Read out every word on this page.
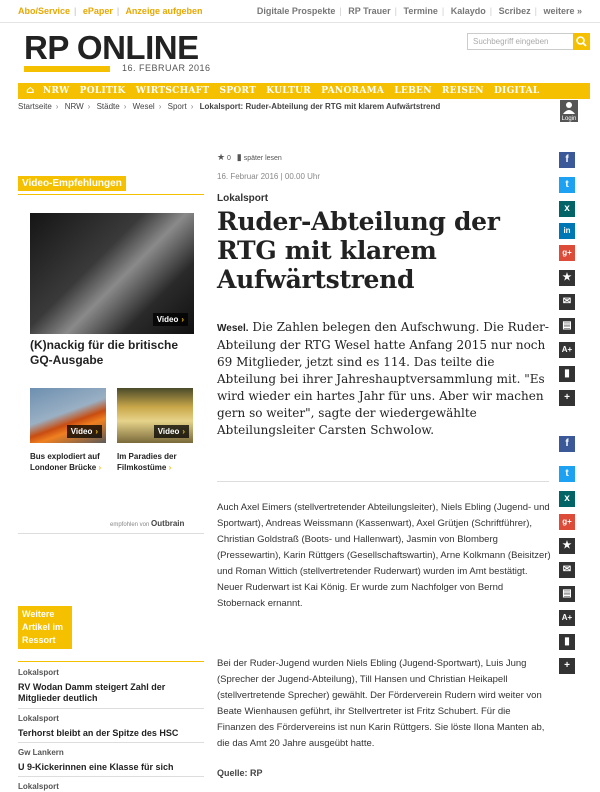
Abo/Service | ePaper | Anzeige aufgeben	Digitale Prospekte | RP Trauer | Termine | Kalaydo | Scribez | weitere »
RP ONLINE
16. FEBRUAR 2016
Suchbegriff eingeben
⌂ NRW POLITIK WIRTSCHAFT SPORT KULTUR PANORAMA LEBEN REISEN DIGITAL
Startseite › NRW › Städte › Wesel › Sport › Lokalsport: Ruder-Abteilung der RTG mit klarem Aufwärtstrend
Login
Video-Empfehlungen
Video ›
(K)nackig für die britische GQ-Ausgabe
Video ›
Bus explodiert auf Londoner Brücke ›
Video ›
Im Paradies der Filmkostüme ›
empfohlen von Outbrain
Weitere Artikel im Ressort
Lokalsport
RV Wodan Damm steigert Zahl der Mitglieder deutlich
Lokalsport
Terhorst bleibt an der Spitze des HSC
Gw Lankern
U 9-Kickerinnen eine Klasse für sich
Lokalsport
★ 0 ▮ später lesen
16. Februar 2016 | 00.00 Uhr
Lokalsport
Ruder-Abteilung der RTG mit klarem Aufwärtstrend
Wesel. Die Zahlen belegen den Aufschwung. Die Ruder-Abteilung der RTG Wesel hatte Anfang 2015 nur noch 69 Mitglieder, jetzt sind es 114. Das teilte die Abteilung bei ihrer Jahreshauptversammlung mit. "Es wird wieder ein hartes Jahr für uns. Aber wir machen gern so weiter", sagte der wiedergewählte Abteilungsleiter Carsten Schwolow.
Auch Axel Eimers (stellvertretender Abteilungsleiter), Niels Ebling (Jugend- und Sportwart), Andreas Weissmann (Kassenwart), Axel Grütjen (Schriftführer), Christian Goldstraß (Boots- und Hallenwart), Jasmin von Blomberg (Pressewartin), Karin Rüttgers (Gesellschaftswartin), Arne Kolkmann (Beisitzer) und Roman Wittich (stellvertretender Ruderwart) wurden im Amt bestätigt. Neuer Ruderwart ist Kai König. Er wurde zum Nachfolger von Bernd Stobernack ernannt.
Bei der Ruder-Jugend wurden Niels Ebling (Jugend-Sportwart), Luis Jung (Sprecher der Jugend-Abteilung), Till Hansen und Christian Heikapell (stellvertretende Sprecher) gewählt. Der Förderverein Rudern wird weiter von Beate Wienhausen geführt, ihr Stellvertreter ist Fritz Schubert. Für die Finanzen des Fördervereins ist nun Karin Rüttgers. Sie löste Ilona Manten ab, die das Amt 20 Jahre ausgeübt hatte.
Quelle: RP
f
t
x
in
g+
★
✉
▤
A+
▮
+
f
t
x
g+
★
✉
▤
A+
▮
+
